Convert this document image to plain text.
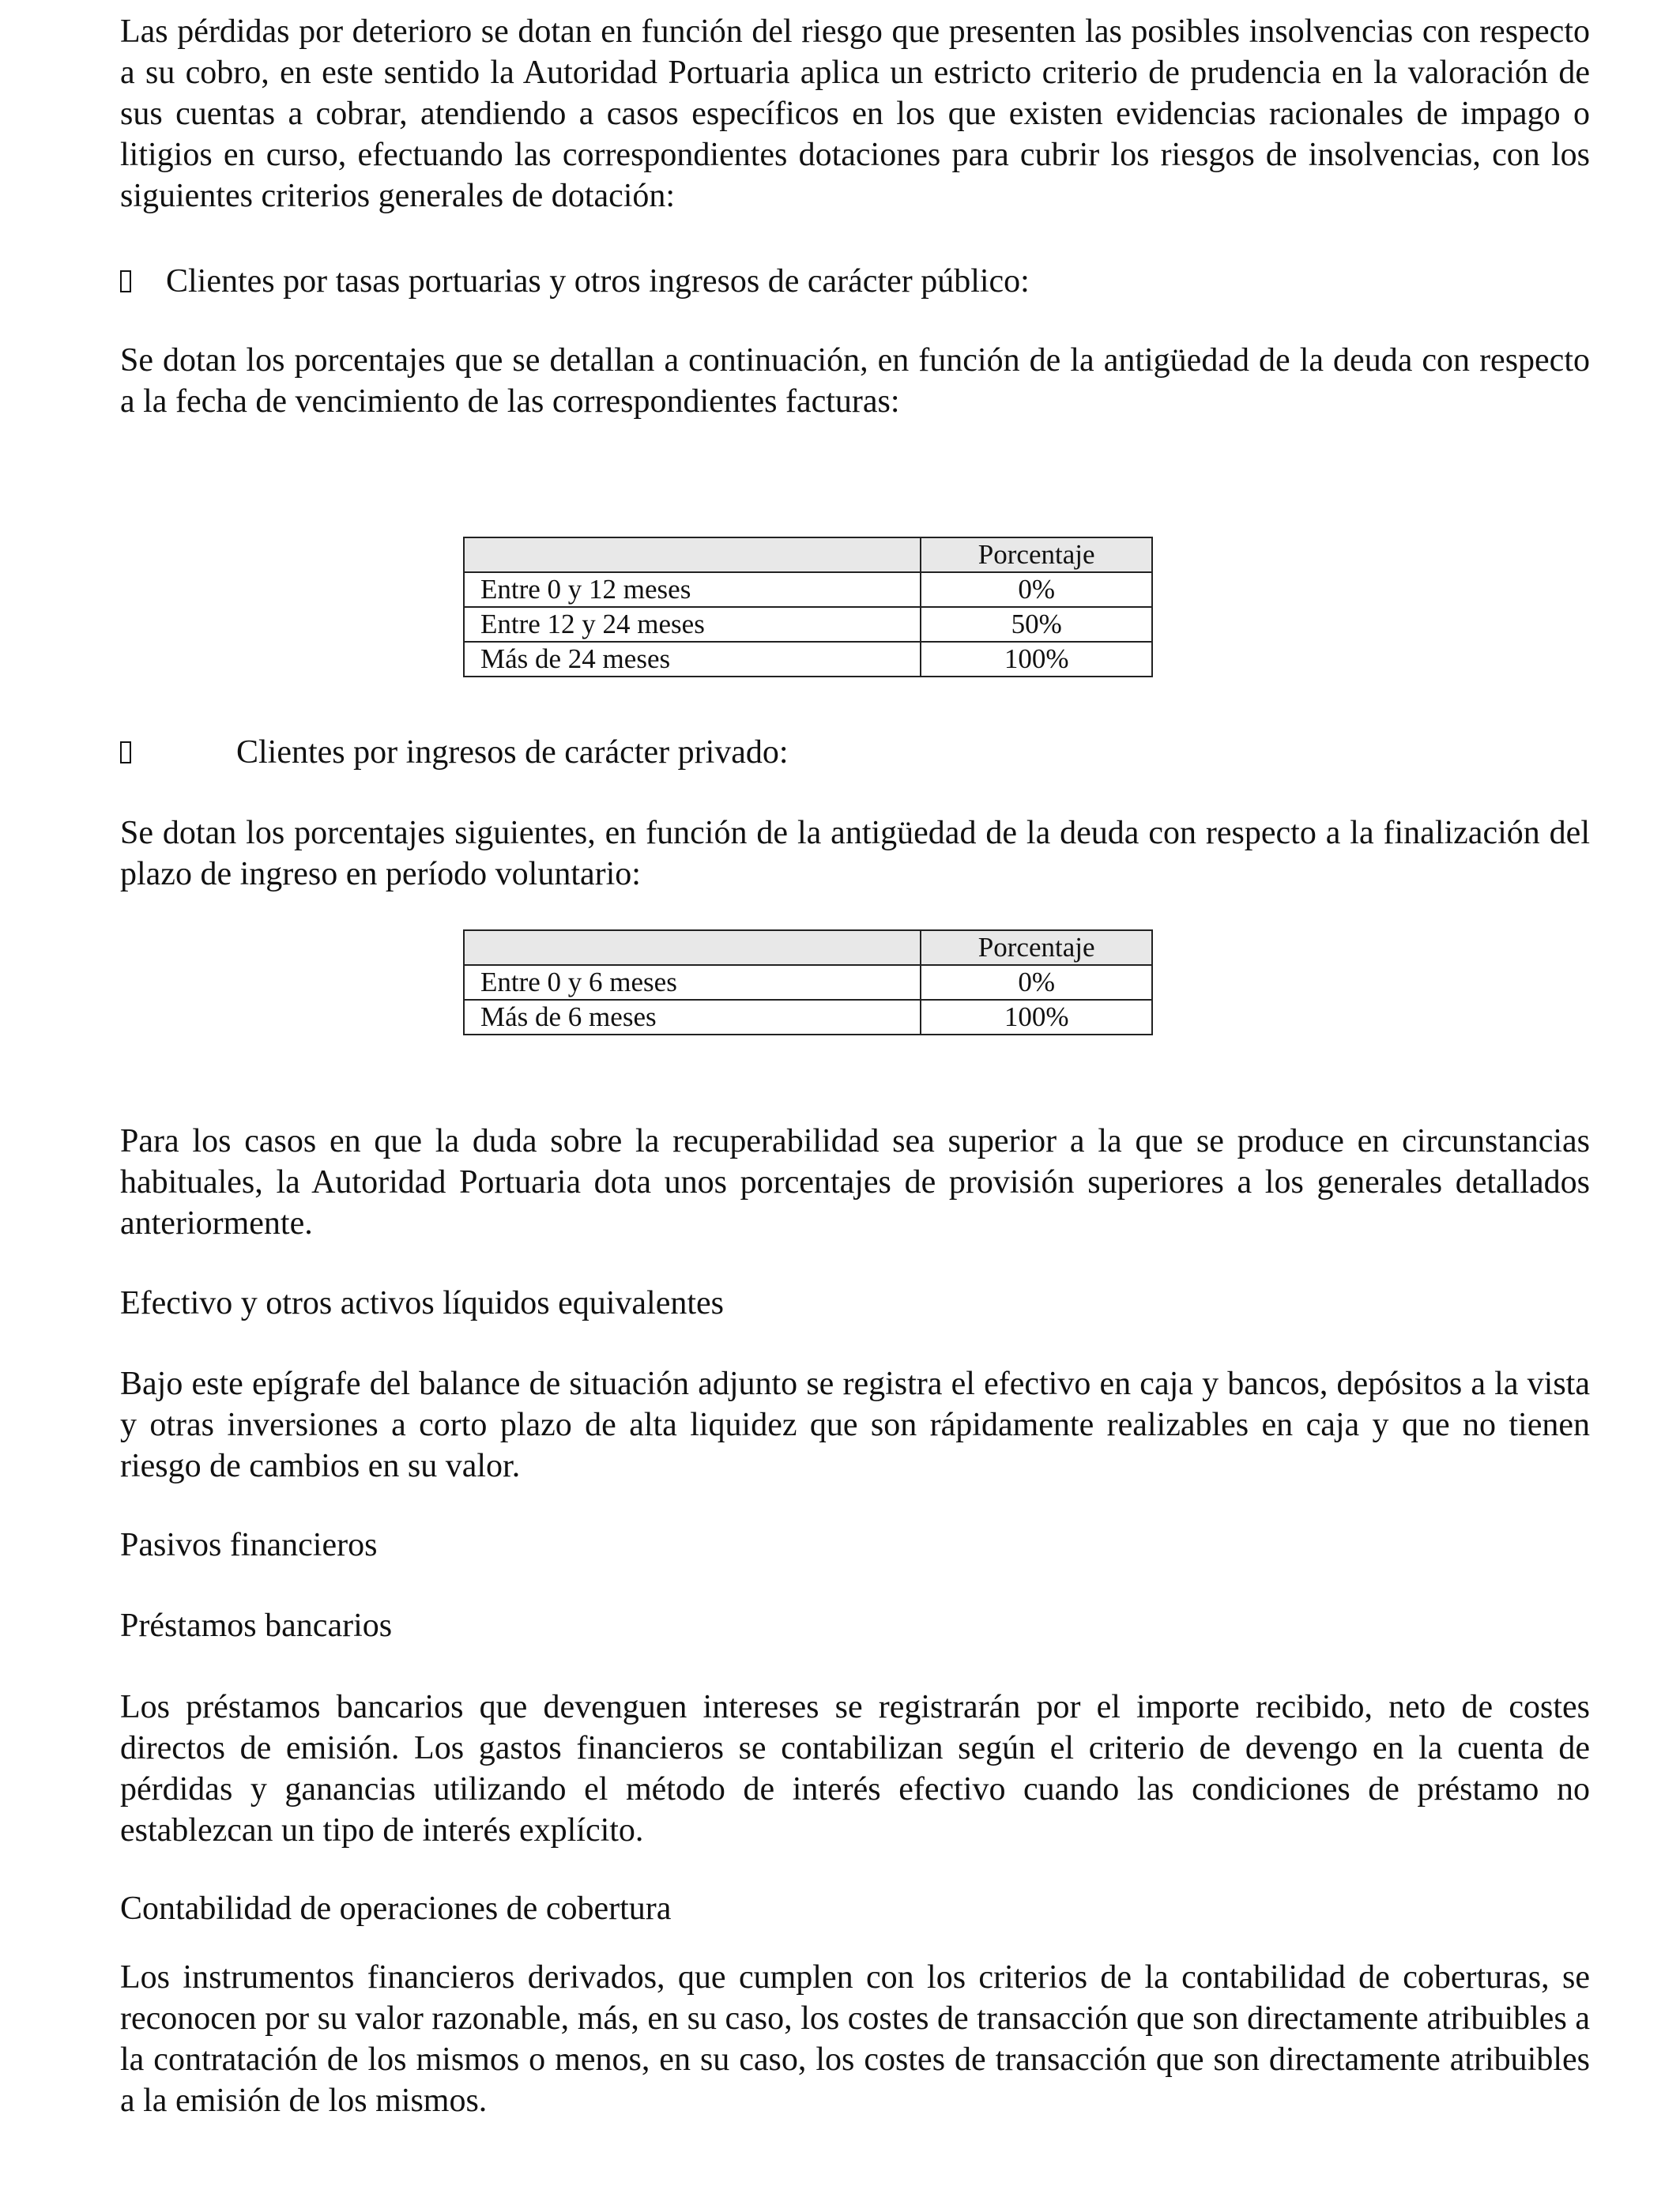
Las pérdidas por deterioro se dotan en función del riesgo que presenten las posibles insolvencias con respecto a su cobro, en este sentido la Autoridad Portuaria aplica un estricto criterio de prudencia en la valoración de sus cuentas a cobrar, atendiendo a casos específicos en los que existen evidencias racionales de impago o litigios en curso, efectuando las correspondientes dotaciones para cubrir los riesgos de insolvencias, con los siguientes criterios generales de dotación:

Clientes por tasas portuarias y otros ingresos de carácter público:

Se dotan los porcentajes que se detallan a continuación, en función de la antigüedad de la deuda con respecto a la fecha de vencimiento de las correspondientes facturas:

	Porcentaje
Entre 0 y 12 meses	0%
Entre 12 y 24 meses	50%
Más de 24 meses	100%
Clientes por ingresos de carácter privado:

Se dotan los porcentajes siguientes, en función de la antigüedad de la deuda con respecto a la finalización del plazo de ingreso en período voluntario:

	Porcentaje
Entre 0 y 6 meses	0%
Más de 6 meses	100%

Para los casos en que la duda sobre la recuperabilidad sea superior a la que se produce en circunstancias habituales, la Autoridad Portuaria dota unos porcentajes de provisión superiores a los generales detallados anteriormente.

Efectivo y otros activos líquidos equivalentes

Bajo este epígrafe del balance de situación adjunto se registra el efectivo en caja y bancos, depósitos a la vista y otras inversiones a corto plazo de alta liquidez que son rápidamente realizables en caja y que no tienen riesgo de cambios en su valor.

Pasivos financieros

Préstamos bancarios

Los préstamos bancarios que devenguen intereses se registrarán por el importe recibido, neto de costes directos de emisión. Los gastos financieros se contabilizan según el criterio de devengo en la cuenta de pérdidas y ganancias utilizando el método de interés efectivo cuando las condiciones de préstamo no establezcan un tipo de interés explícito.

Contabilidad de operaciones de cobertura

Los instrumentos financieros derivados, que cumplen con los criterios de la contabilidad de coberturas, se reconocen por su valor razonable, más, en su caso, los costes de transacción que son directamente atribuibles a la contratación de los mismos o menos, en su caso, los costes de transacción que son directamente atribuibles a la emisión de los mismos.
